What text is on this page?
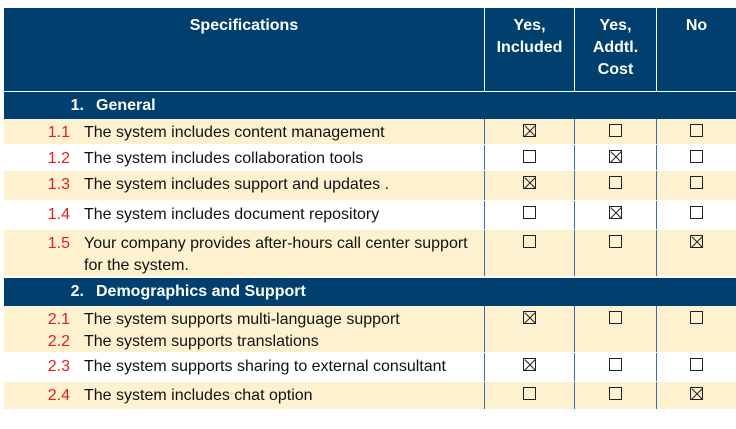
Specifications	Yes,
Included
Yes,
Addtl.
Cost
No
1. General
1.1 The system includes content management
1.2 The system includes collaboration tools
1.3 The system includes support and updates .
1.4 The system includes document repository
1.5 Your company provides after-hours call center support
for the system.
2. Demographics and Support
2.1 The system supports multi-language support
2.2 The system supports translations
2.3 The system supports sharing to external consultant
2.4 The system includes chat option
